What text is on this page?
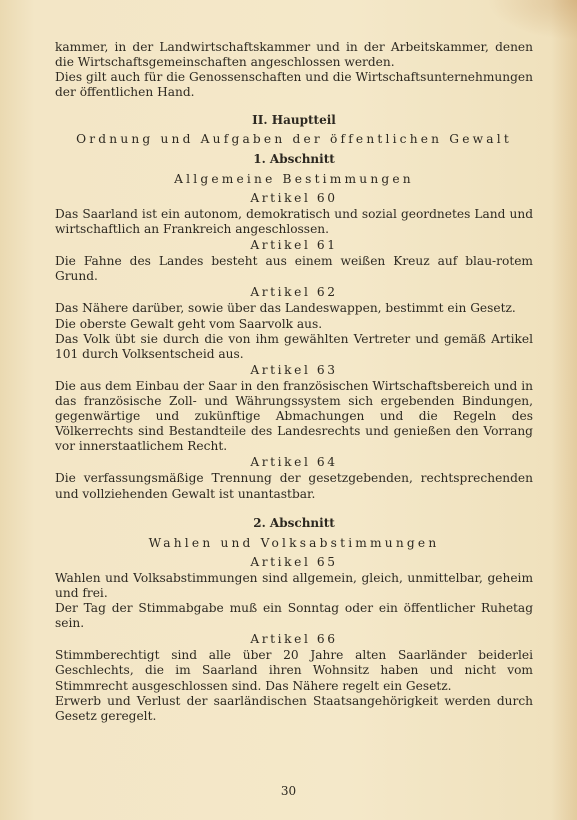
kammer, in der Landwirtschaftskammer und in der Arbeitskammer, denen die Wirtschaftsgemeinschaften angeschlossen werden.

Dies gilt auch für die Genossenschaften und die Wirtschaftsunternehmungen der öffentlichen Hand.

II. Hauptteil
Ordnung und Aufgaben der öffentlichen Gewalt
1. Abschnitt
Allgemeine Bestimmungen
Artikel 60

Das Saarland ist ein autonom, demokratisch und sozial geordnetes Land und wirtschaftlich an Frankreich angeschlossen.

Artikel 61

Die Fahne des Landes besteht aus einem weißen Kreuz auf blau-rotem Grund.

Artikel 62

Das Nähere darüber, sowie über das Landeswappen, bestimmt ein Gesetz.

Die oberste Gewalt geht vom Saarvolk aus.

Das Volk übt sie durch die von ihm gewählten Vertreter und gemäß Artikel 101 durch Volksentscheid aus.

Artikel 63

Die aus dem Einbau der Saar in den französischen Wirtschaftsbereich und in das französische Zoll- und Währungssystem sich ergebenden Bindungen, gegenwärtige und zukünftige Abmachungen und die Regeln des Völkerrechts sind Bestandteile des Landesrechts und genießen den Vorrang vor innerstaatlichem Recht.

Artikel 64

Die verfassungsmäßige Trennung der gesetzgebenden, rechtsprechenden und vollziehenden Gewalt ist unantastbar.

2. Abschnitt
Wahlen und Volksabstimmungen
Artikel 65

Wahlen und Volksabstimmungen sind allgemein, gleich, unmittelbar, geheim und frei.

Der Tag der Stimmabgabe muß ein Sonntag oder ein öffentlicher Ruhetag sein.

Artikel 66

Stimmberechtigt sind alle über 20 Jahre alten Saarländer beiderlei Geschlechts, die im Saarland ihren Wohnsitz haben und nicht vom Stimmrecht ausgeschlossen sind. Das Nähere regelt ein Gesetz.

Erwerb und Verlust der saarländischen Staatsangehörigkeit werden durch Gesetz geregelt.

30
